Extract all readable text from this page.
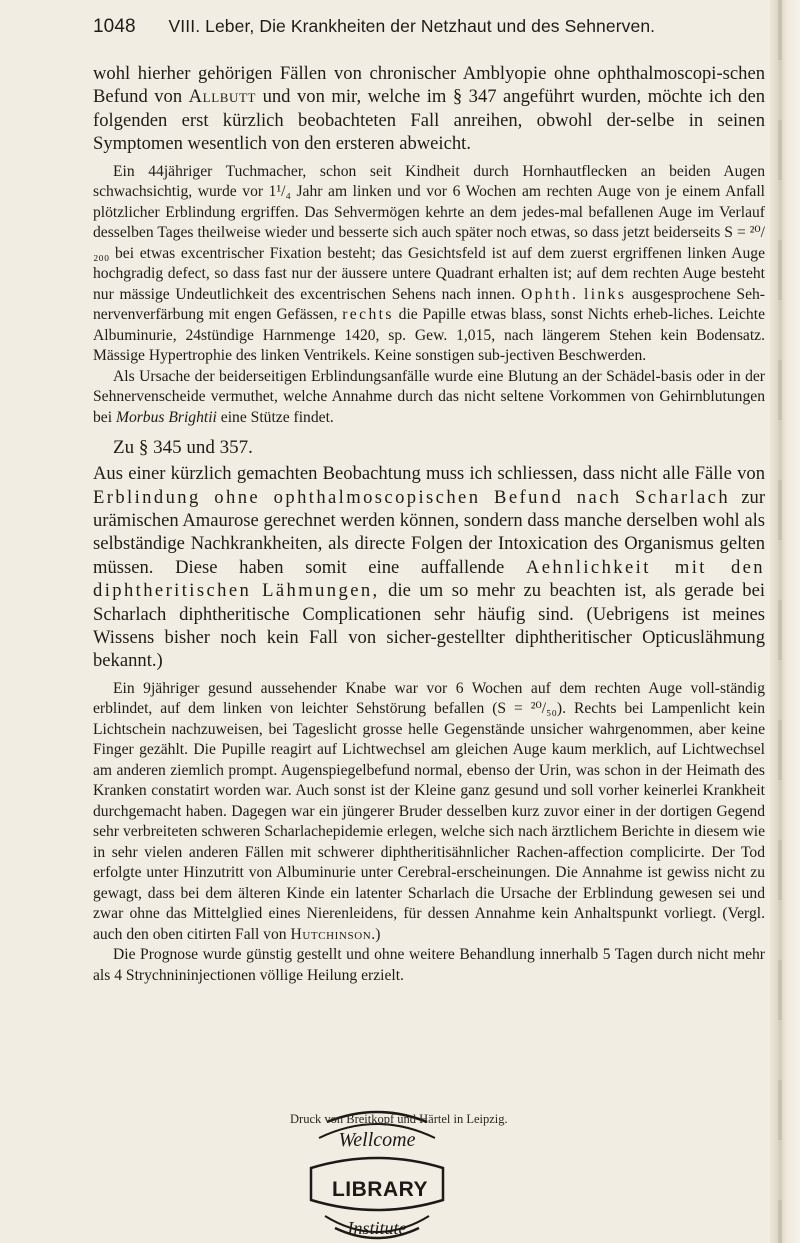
1048 VIII. Leber, Die Krankheiten der Netzhaut und des Sehnerven.

wohl hierher gehörigen Fällen von chronischer Amblyopie ohne ophthalmoscopi-schen Befund von Allbutt und von mir, welche im § 347 angeführt wurden, möchte ich den folgenden erst kürzlich beobachteten Fall anreihen, obwohl der-selbe in seinen Symptomen wesentlich von den ersteren abweicht.

Ein 44jähriger Tuchmacher, schon seit Kindheit durch Hornhautflecken an beiden Augen schwachsichtig, wurde vor 1¹/₄ Jahr am linken und vor 6 Wochen am rechten Auge von je einem Anfall plötzlicher Erblindung ergriffen. Das Sehvermögen kehrte an dem jedes-mal befallenen Auge im Verlauf desselben Tages theilweise wieder und besserte sich auch später noch etwas, so dass jetzt beiderseits S = ²⁰/₂₀₀ bei etwas excentrischer Fixation besteht; das Gesichtsfeld ist auf dem zuerst ergriffenen linken Auge hochgradig defect, so dass fast nur der äussere untere Quadrant erhalten ist; auf dem rechten Auge besteht nur mässige Undeutlichkeit des excentrischen Sehens nach innen. Ophth. links ausgesprochene Seh-nervenverfärbung mit engen Gefässen, rechts die Papille etwas blass, sonst Nichts erheb-liches. Leichte Albuminurie, 24stündige Harnmenge 1420, sp. Gew. 1,015, nach längerem Stehen kein Bodensatz. Mässige Hypertrophie des linken Ventrikels. Keine sonstigen sub-jectiven Beschwerden.

Als Ursache der beiderseitigen Erblindungsanfälle wurde eine Blutung an der Schädel-basis oder in der Sehnervenscheide vermuthet, welche Annahme durch das nicht seltene Vorkommen von Gehirnblutungen bei Morbus Brightii eine Stütze findet.

Zu § 345 und 357.

Aus einer kürzlich gemachten Beobachtung muss ich schliessen, dass nicht alle Fälle von Erblindung ohne ophthalmoscopischen Befund nach Scharlach zur urämischen Amaurose gerechnet werden können, sondern dass manche derselben wohl als selbständige Nachkrankheiten, als directe Folgen der Intoxication des Organismus gelten müssen. Diese haben somit eine auffallende Aehnlichkeit mit den diphtheritischen Lähmungen, die um so mehr zu beachten ist, als gerade bei Scharlach diphtheritische Complicationen sehr häufig sind. (Uebrigens ist meines Wissens bisher noch kein Fall von sicher-gestellter diphtheritischer Opticuslähmung bekannt.)

Ein 9jähriger gesund aussehender Knabe war vor 6 Wochen auf dem rechten Auge voll-ständig erblindet, auf dem linken von leichter Sehstörung befallen (S = ²⁰/₅₀). Rechts bei Lampenlicht kein Lichtschein nachzuweisen, bei Tageslicht grosse helle Gegenstände unsicher wahrgenommen, aber keine Finger gezählt. Die Pupille reagirt auf Lichtwechsel am gleichen Auge kaum merklich, auf Lichtwechsel am anderen ziemlich prompt. Augenspiegelbefund normal, ebenso der Urin, was schon in der Heimath des Kranken constatirt worden war. Auch sonst ist der Kleine ganz gesund und soll vorher keinerlei Krankheit durchgemacht haben. Dagegen war ein jüngerer Bruder desselben kurz zuvor einer in der dortigen Gegend sehr verbreiteten schweren Scharlachepidemie erlegen, welche sich nach ärztlichem Berichte in diesem wie in sehr vielen anderen Fällen mit schwerer diphtheritisähnlicher Rachen-affection complicirte. Der Tod erfolgte unter Hinzutritt von Albuminurie unter Cerebral-erscheinungen. Die Annahme ist gewiss nicht zu gewagt, dass bei dem älteren Kinde ein latenter Scharlach die Ursache der Erblindung gewesen sei und zwar ohne das Mittelglied eines Nierenleidens, für dessen Annahme kein Anhaltspunkt vorliegt. (Vergl. auch den oben citirten Fall von Hutchinson.)

Die Prognose wurde günstig gestellt und ohne weitere Behandlung innerhalb 5 Tagen durch nicht mehr als 4 Strychnininjectionen völlige Heilung erzielt.

Wellcome
Institute
LIBRARY
Druck von Breitkopf und Härtel in Leipzig.
